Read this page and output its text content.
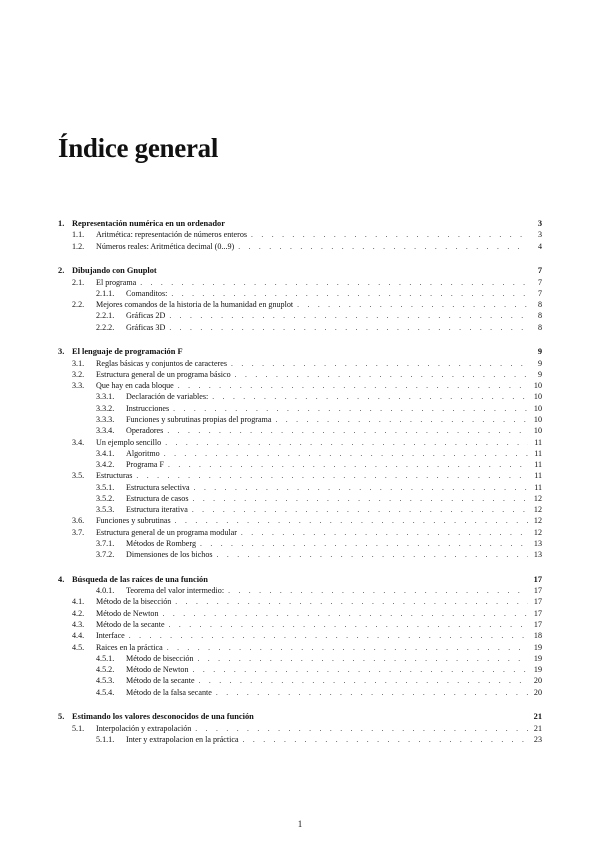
Índice general
1. Representación numérica en un ordenador	3
1.1.	Aritmética: representación de números enteros . . .	3
1.2.	Números reales: Aritmética decimal (0...9) . . .	4
2. Dibujando con Gnuplot	7
2.1.	El programa . . .	7
2.1.1.	Comanditos: . . .	7
2.2.	Mejores comandos de la historia de la humanidad en gnuplot . . .	8
2.2.1.	Gráficas 2D . . .	8
2.2.2.	Gráficas 3D . . .	8
3. El lenguaje de programación F	9
3.1.	Reglas básicas y conjuntos de caracteres . . .	9
3.2.	Estructura general de un programa básico . . .	9
3.3.	Que hay en cada bloque . . .	10
3.3.1.	Declaración de variables: . . .	10
3.3.2.	Instrucciones . . .	10
3.3.3.	Funciones y subrutinas propias del programa . . .	10
3.3.4.	Operadores . . .	10
3.4.	Un ejemplo sencillo . . .	11
3.4.1.	Algoritmo . . .	11
3.4.2.	Programa F . . .	11
3.5.	Estructuras . . .	11
3.5.1.	Estructura selectiva . . .	11
3.5.2.	Estructura de casos . . .	12
3.5.3.	Estructura iterativa . . .	12
3.6.	Funciones y subrutinas . . .	12
3.7.	Estructura general de un programa modular . . .	12
3.7.1.	Métodos de Romberg . . .	13
3.7.2.	Dimensiones de los bichos . . .	13
4. Búsqueda de las raíces de una función	17
4.0.1.	Teorema del valor intermedio: . . .	17
4.1.	Método de la bisección . . .	17
4.2.	Método de Newton . . .	17
4.3.	Método de la secante . . .	17
4.4.	Interface . . .	18
4.5.	Raices en la práctica . . .	19
4.5.1.	Método de bisección . . .	19
4.5.2.	Método de Newton . . .	19
4.5.3.	Método de la secante . . .	20
4.5.4.	Método de la falsa secante . . .	20
5. Estimando los valores desconocidos de una función	21
5.1.	Interpolación y extrapolación . . .	21
5.1.1.	Inter y extrapolacion en la práctica . . .	23
1
